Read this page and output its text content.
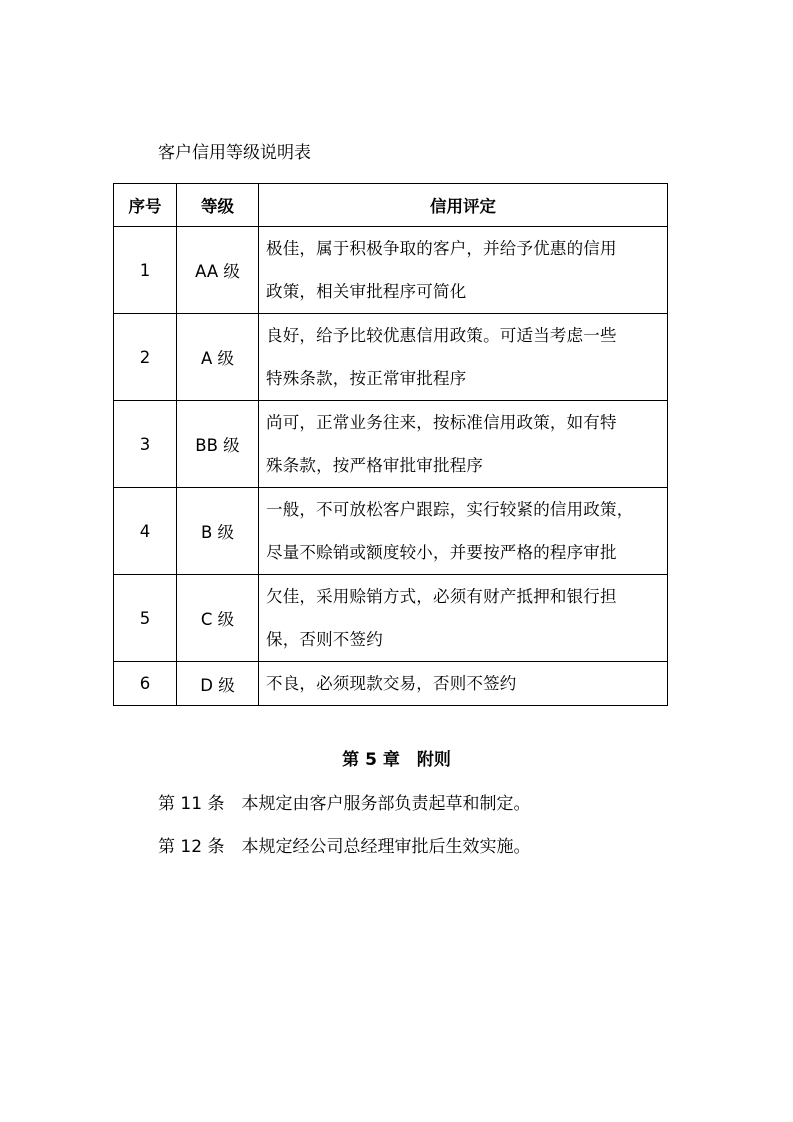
客户信用等级说明表
序号	等级	信用评定
1	AA 级	极佳，属于积极争取的客户，并给予优惠的信用
政策，相关审批程序可简化

2	A 级	良好，给予比较优惠信用政策。可适当考虑一些
特殊条款，按正常审批程序

3	BB 级	尚可，正常业务往来，按标准信用政策，如有特
殊条款，按严格审批审批程序

4	B 级	一般，不可放松客户跟踪，实行较紧的信用政策，
尽量不赊销或额度较小，并要按严格的程序审批

5	C 级	欠佳，采用赊销方式，必须有财产抵押和银行担
保，否则不签约

6	D 级	不良，必须现款交易，否则不签约
第 5 章　附则
第 11 条　本规定由客户服务部负责起草和制定。
第 12 条　本规定经公司总经理审批后生效实施。
